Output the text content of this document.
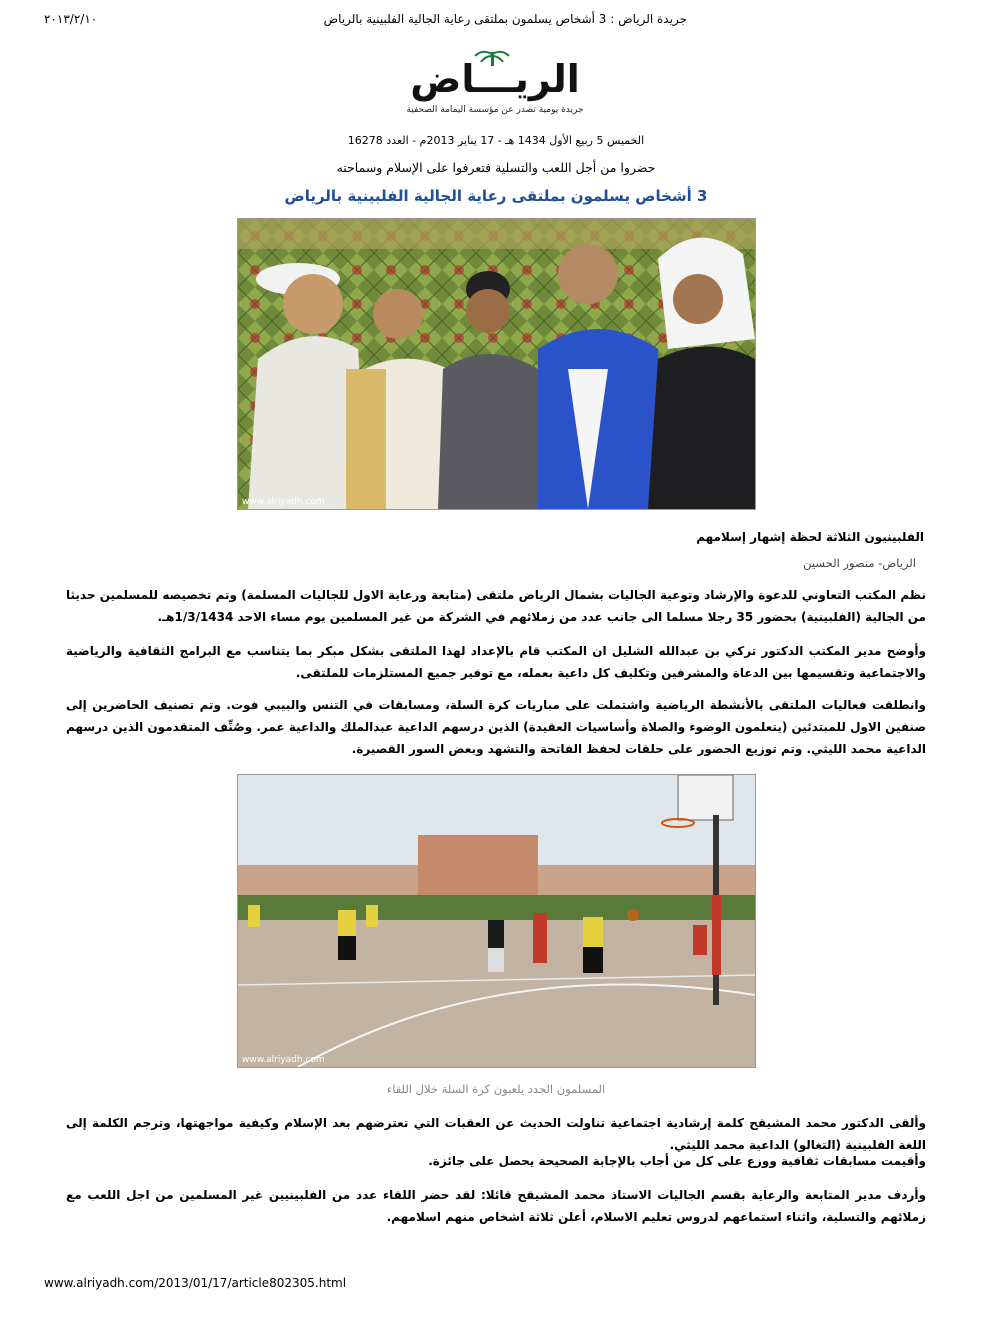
جريدة الرياض : 3 أشخاص يسلمون بملتقى رعاية الجالية الفلبينية بالرياض
٢٠١٣/٢/١٠
الريـــاض
جريدة يومية تصدر عن مؤسسة اليمامة الصحفية
الخميس 5 ربيع الأول 1434 هـ - 17 يناير 2013م - العدد 16278
حضروا من أجل اللعب والتسلية فتعرفوا على الإسلام وسماحته
3 أشخاص يسلمون بملتقى رعاية الجالية الفلبينية بالرياض
www.alriyadh.com
الفلبينيون الثلاثة لحظة إشهار إسلامهم
الرياض- منصور الحسين
نظم المكتب التعاوني للدعوة والإرشاد وتوعية الجاليات بشمال الرياض ملتقى (متابعة ورعاية الاول للجاليات المسلمة) وتم تخصيصه للمسلمين حديثا من الجالية (الفلبينية) بحضور 35 رجلا مسلما الى جانب عدد من زملائهم في الشركة من غير المسلمين يوم مساء الاحد 1/3/1434هـ.
وأوضح مدير المكتب الدكتور تركي بن عبدالله الشليل ان المكتب قام بالإعداد لهذا الملتقى بشكل مبكر بما يتناسب مع البرامج الثقافية والرياضية والاجتماعية وتقسيمها بين الدعاة والمشرفين وتكليف كل داعية بعمله، مع توفير جميع المستلزمات للملتقى.
وانطلقت فعاليات الملتقى بالأنشطة الرياضية واشتملت على مباريات كرة السلة، ومسابقات في التنس والبيبي فوت. وتم تصنيف الحاضرين إلى صنفين الاول للمبتدئين (يتعلمون الوضوء والصلاة وأساسيات العقيدة) الذين درسهم الداعية عبدالملك والداعية عمر. وصُنِّف المتقدمون الذين درسهم الداعية محمد الليثي. وتم توزيع الحضور على حلقات لحفظ الفاتحة والتشهد وبعض السور القصيرة.
www.alriyadh.com
المسلمون الجدد يلعبون كرة السلة خلال اللقاء
وألقى الدكتور محمد المشيقح كلمة إرشادية اجتماعية تناولت الحديث عن العقبات التي تعترضهم بعد الإسلام وكيفية مواجهتها، وترجم الكلمة إلى اللغة الفلبينية (التغالو) الداعية محمد الليثي.
وأقيمت مسابقات ثقافية ووزع على كل من أجاب بالإجابة الصحيحة يحصل على جائزة.
وأردف مدير المتابعة والرعاية بقسم الجاليات الاستاذ محمد المشيقح قائلا: لقد حضر اللقاء عدد من الفلبينيين غير المسلمين من اجل اللعب مع زملائهم والتسلية، واثناء استماعهم لدروس تعليم الاسلام، أعلن ثلاثة اشخاص منهم اسلامهم.
www.alriyadh.com/2013/01/17/article802305.html
